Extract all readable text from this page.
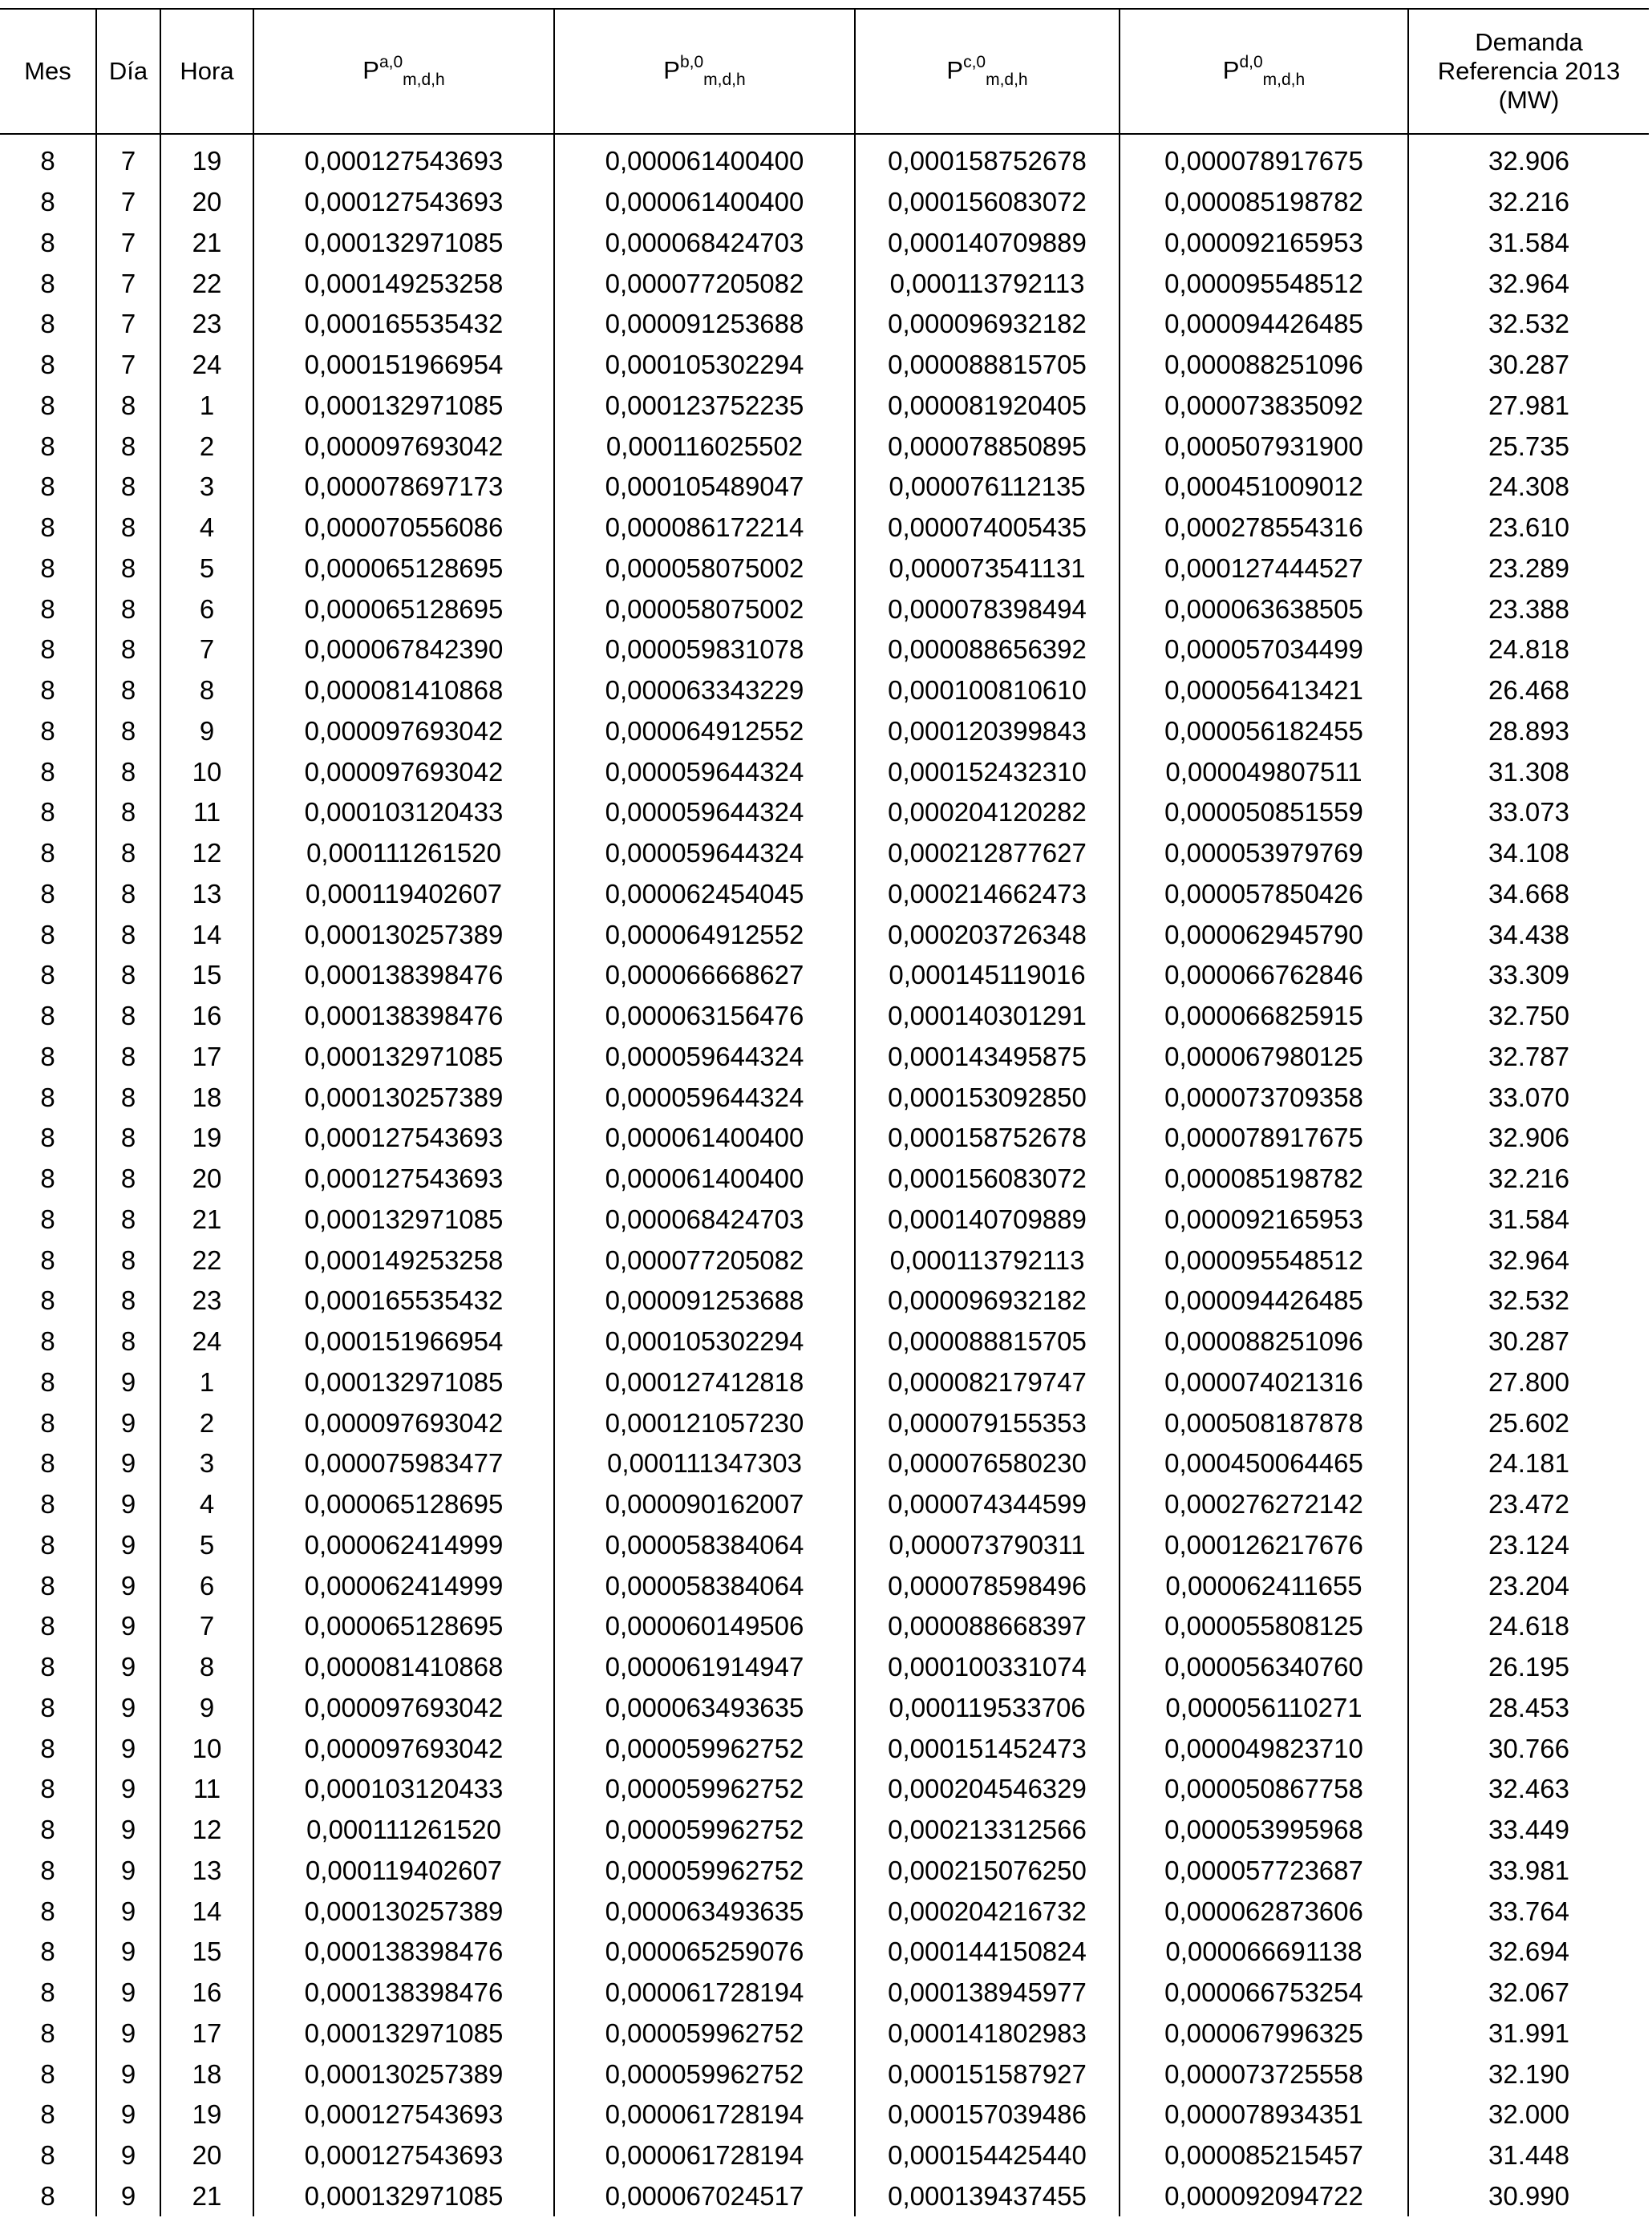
Mes	Día	Hora	P$^{a,0}_{m,d,h}$	P$^{b,0}_{m,d,h}$	P$^{c,0}_{m,d,h}$	P$^{d,0}_{m,d,h}$	Demanda
Referencia 2013
(MW)

8	7	19	0,000127543693	0,000061400400	0,000158752678	0,000078917675	32.906
8	7	20	0,000127543693	0,000061400400	0,000156083072	0,000085198782	32.216
8	7	21	0,000132971085	0,000068424703	0,000140709889	0,000092165953	31.584
8	7	22	0,000149253258	0,000077205082	0,000113792113	0,000095548512	32.964
8	7	23	0,000165535432	0,000091253688	0,000096932182	0,000094426485	32.532
8	7	24	0,000151966954	0,000105302294	0,000088815705	0,000088251096	30.287
8	8	1	0,000132971085	0,000123752235	0,000081920405	0,000073835092	27.981
8	8	2	0,000097693042	0,000116025502	0,000078850895	0,000507931900	25.735
8	8	3	0,000078697173	0,000105489047	0,000076112135	0,000451009012	24.308
8	8	4	0,000070556086	0,000086172214	0,000074005435	0,000278554316	23.610
8	8	5	0,000065128695	0,000058075002	0,000073541131	0,000127444527	23.289
8	8	6	0,000065128695	0,000058075002	0,000078398494	0,000063638505	23.388
8	8	7	0,000067842390	0,000059831078	0,000088656392	0,000057034499	24.818
8	8	8	0,000081410868	0,000063343229	0,000100810610	0,000056413421	26.468
8	8	9	0,000097693042	0,000064912552	0,000120399843	0,000056182455	28.893
8	8	10	0,000097693042	0,000059644324	0,000152432310	0,000049807511	31.308
8	8	11	0,000103120433	0,000059644324	0,000204120282	0,000050851559	33.073
8	8	12	0,000111261520	0,000059644324	0,000212877627	0,000053979769	34.108
8	8	13	0,000119402607	0,000062454045	0,000214662473	0,000057850426	34.668
8	8	14	0,000130257389	0,000064912552	0,000203726348	0,000062945790	34.438
8	8	15	0,000138398476	0,000066668627	0,000145119016	0,000066762846	33.309
8	8	16	0,000138398476	0,000063156476	0,000140301291	0,000066825915	32.750
8	8	17	0,000132971085	0,000059644324	0,000143495875	0,000067980125	32.787
8	8	18	0,000130257389	0,000059644324	0,000153092850	0,000073709358	33.070
8	8	19	0,000127543693	0,000061400400	0,000158752678	0,000078917675	32.906
8	8	20	0,000127543693	0,000061400400	0,000156083072	0,000085198782	32.216
8	8	21	0,000132971085	0,000068424703	0,000140709889	0,000092165953	31.584
8	8	22	0,000149253258	0,000077205082	0,000113792113	0,000095548512	32.964
8	8	23	0,000165535432	0,000091253688	0,000096932182	0,000094426485	32.532
8	8	24	0,000151966954	0,000105302294	0,000088815705	0,000088251096	30.287
8	9	1	0,000132971085	0,000127412818	0,000082179747	0,000074021316	27.800
8	9	2	0,000097693042	0,000121057230	0,000079155353	0,000508187878	25.602
8	9	3	0,000075983477	0,000111347303	0,000076580230	0,000450064465	24.181
8	9	4	0,000065128695	0,000090162007	0,000074344599	0,000276272142	23.472
8	9	5	0,000062414999	0,000058384064	0,000073790311	0,000126217676	23.124
8	9	6	0,000062414999	0,000058384064	0,000078598496	0,000062411655	23.204
8	9	7	0,000065128695	0,000060149506	0,000088668397	0,000055808125	24.618
8	9	8	0,000081410868	0,000061914947	0,000100331074	0,000056340760	26.195
8	9	9	0,000097693042	0,000063493635	0,000119533706	0,000056110271	28.453
8	9	10	0,000097693042	0,000059962752	0,000151452473	0,000049823710	30.766
8	9	11	0,000103120433	0,000059962752	0,000204546329	0,000050867758	32.463
8	9	12	0,000111261520	0,000059962752	0,000213312566	0,000053995968	33.449
8	9	13	0,000119402607	0,000059962752	0,000215076250	0,000057723687	33.981
8	9	14	0,000130257389	0,000063493635	0,000204216732	0,000062873606	33.764
8	9	15	0,000138398476	0,000065259076	0,000144150824	0,000066691138	32.694
8	9	16	0,000138398476	0,000061728194	0,000138945977	0,000066753254	32.067
8	9	17	0,000132971085	0,000059962752	0,000141802983	0,000067996325	31.991
8	9	18	0,000130257389	0,000059962752	0,000151587927	0,000073725558	32.190
8	9	19	0,000127543693	0,000061728194	0,000157039486	0,000078934351	32.000
8	9	20	0,000127543693	0,000061728194	0,000154425440	0,000085215457	31.448
8	9	21	0,000132971085	0,000067024517	0,000139437455	0,000092094722	30.990
